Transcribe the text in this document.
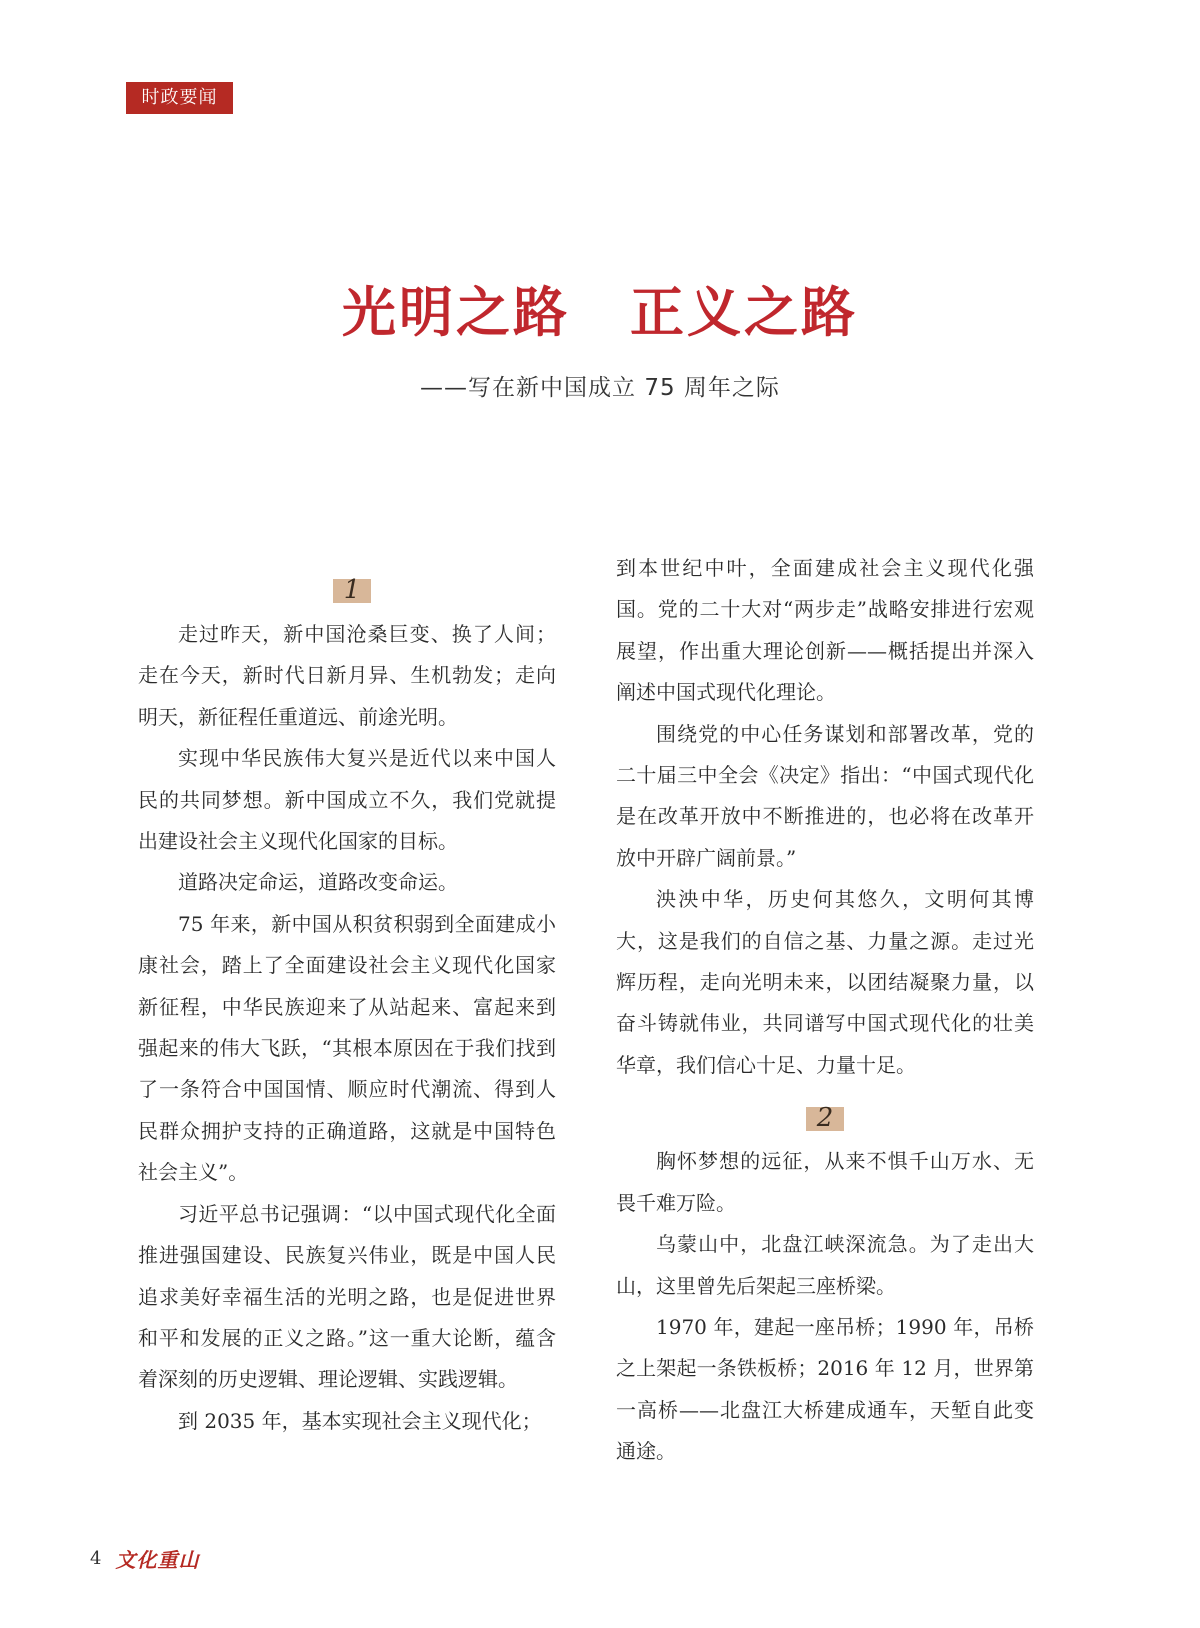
时政要闻
光明之路 正义之路
——写在新中国成立 75 周年之际
1

走过昨天，新中国沧桑巨变、换了人间；走在今天，新时代日新月异、生机勃发；走向明天，新征程任重道远、前途光明。

实现中华民族伟大复兴是近代以来中国人民的共同梦想。新中国成立不久，我们党就提出建设社会主义现代化国家的目标。

道路决定命运，道路改变命运。

75 年来，新中国从积贫积弱到全面建成小康社会，踏上了全面建设社会主义现代化国家新征程，中华民族迎来了从站起来、富起来到强起来的伟大飞跃，“其根本原因在于我们找到了一条符合中国国情、顺应时代潮流、得到人民群众拥护支持的正确道路，这就是中国特色社会主义”。

习近平总书记强调：“以中国式现代化全面推进强国建设、民族复兴伟业，既是中国人民追求美好幸福生活的光明之路，也是促进世界和平和发展的正义之路。”这一重大论断，蕴含着深刻的历史逻辑、理论逻辑、实践逻辑。

到 2035 年，基本实现社会主义现代化；

到本世纪中叶，全面建成社会主义现代化强国。党的二十大对“两步走”战略安排进行宏观展望，作出重大理论创新——概括提出并深入阐述中国式现代化理论。

围绕党的中心任务谋划和部署改革，党的二十届三中全会《决定》指出：“中国式现代化是在改革开放中不断推进的，也必将在改革开放中开辟广阔前景。”

泱泱中华，历史何其悠久，文明何其博大，这是我们的自信之基、力量之源。走过光辉历程，走向光明未来，以团结凝聚力量，以奋斗铸就伟业，共同谱写中国式现代化的壮美华章，我们信心十足、力量十足。

2

胸怀梦想的远征，从来不惧千山万水、无畏千难万险。

乌蒙山中，北盘江峡深流急。为了走出大山，这里曾先后架起三座桥梁。

1970 年，建起一座吊桥；1990 年，吊桥之上架起一条铁板桥；2016 年 12 月，世界第一高桥——北盘江大桥建成通车，天堑自此变通途。

4 文化重山
